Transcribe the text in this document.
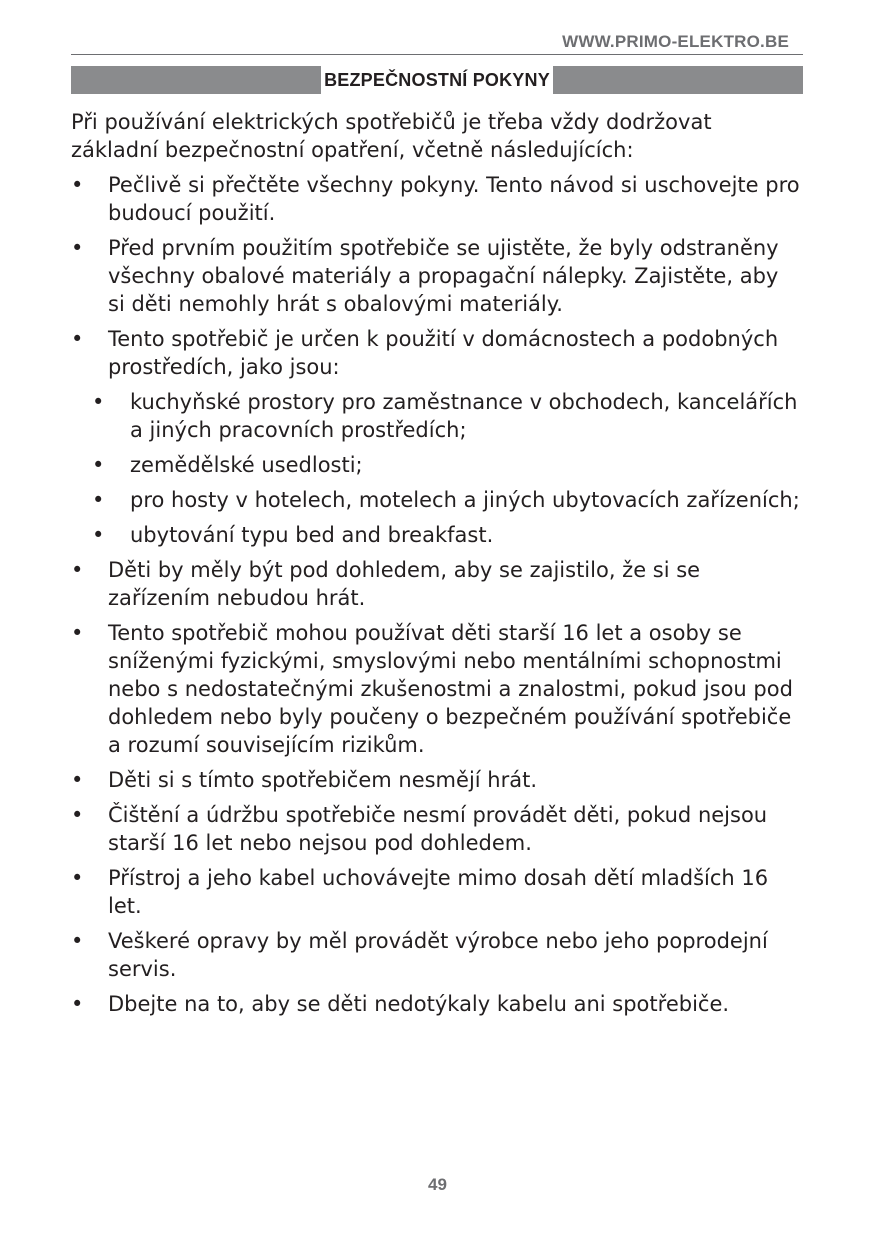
WWW.PRIMO-ELEKTRO.BE
BEZPEČNOSTNÍ POKYNY

Při používání elektrických spotřebičů je třeba vždy dodržovat základní bezpečnostní opatření, včetně následujících:

• Pečlivě si přečtěte všechny pokyny. Tento návod si uschovejte pro budoucí použití.
• Před prvním použitím spotřebiče se ujistěte, že byly odstraněny všechny obalové materiály a propagační nálepky. Zajistěte, aby si děti nemohly hrát s obalovými materiály.
• Tento spotřebič je určen k použití v domácnostech a podobných prostředích, jako jsou:
• kuchyňské prostory pro zaměstnance v obchodech, kancelářích a jiných pracovních prostředích;
• zemědělské usedlosti;
• pro hosty v hotelech, motelech a jiných ubytovacích zařízeních;
• ubytování typu bed and breakfast.
• Děti by měly být pod dohledem, aby se zajistilo, že si se zařízením nebudou hrát.
• Tento spotřebič mohou používat děti starší 16 let a osoby se sníženými fyzickými, smyslovými nebo mentálními schopnostmi nebo s nedostatečnými zkušenostmi a znalostmi, pokud jsou pod dohledem nebo byly poučeny o bezpečném používání spotřebiče a rozumí souvisejícím rizikům.
• Děti si s tímto spotřebičem nesmějí hrát.
• Čištění a údržbu spotřebiče nesmí provádět děti, pokud nejsou starší 16 let nebo nejsou pod dohledem.
• Přístroj a jeho kabel uchovávejte mimo dosah dětí mladších 16 let.
• Veškeré opravy by měl provádět výrobce nebo jeho poprodejní servis.
• Dbejte na to, aby se děti nedotýkaly kabelu ani spotřebiče.
49
